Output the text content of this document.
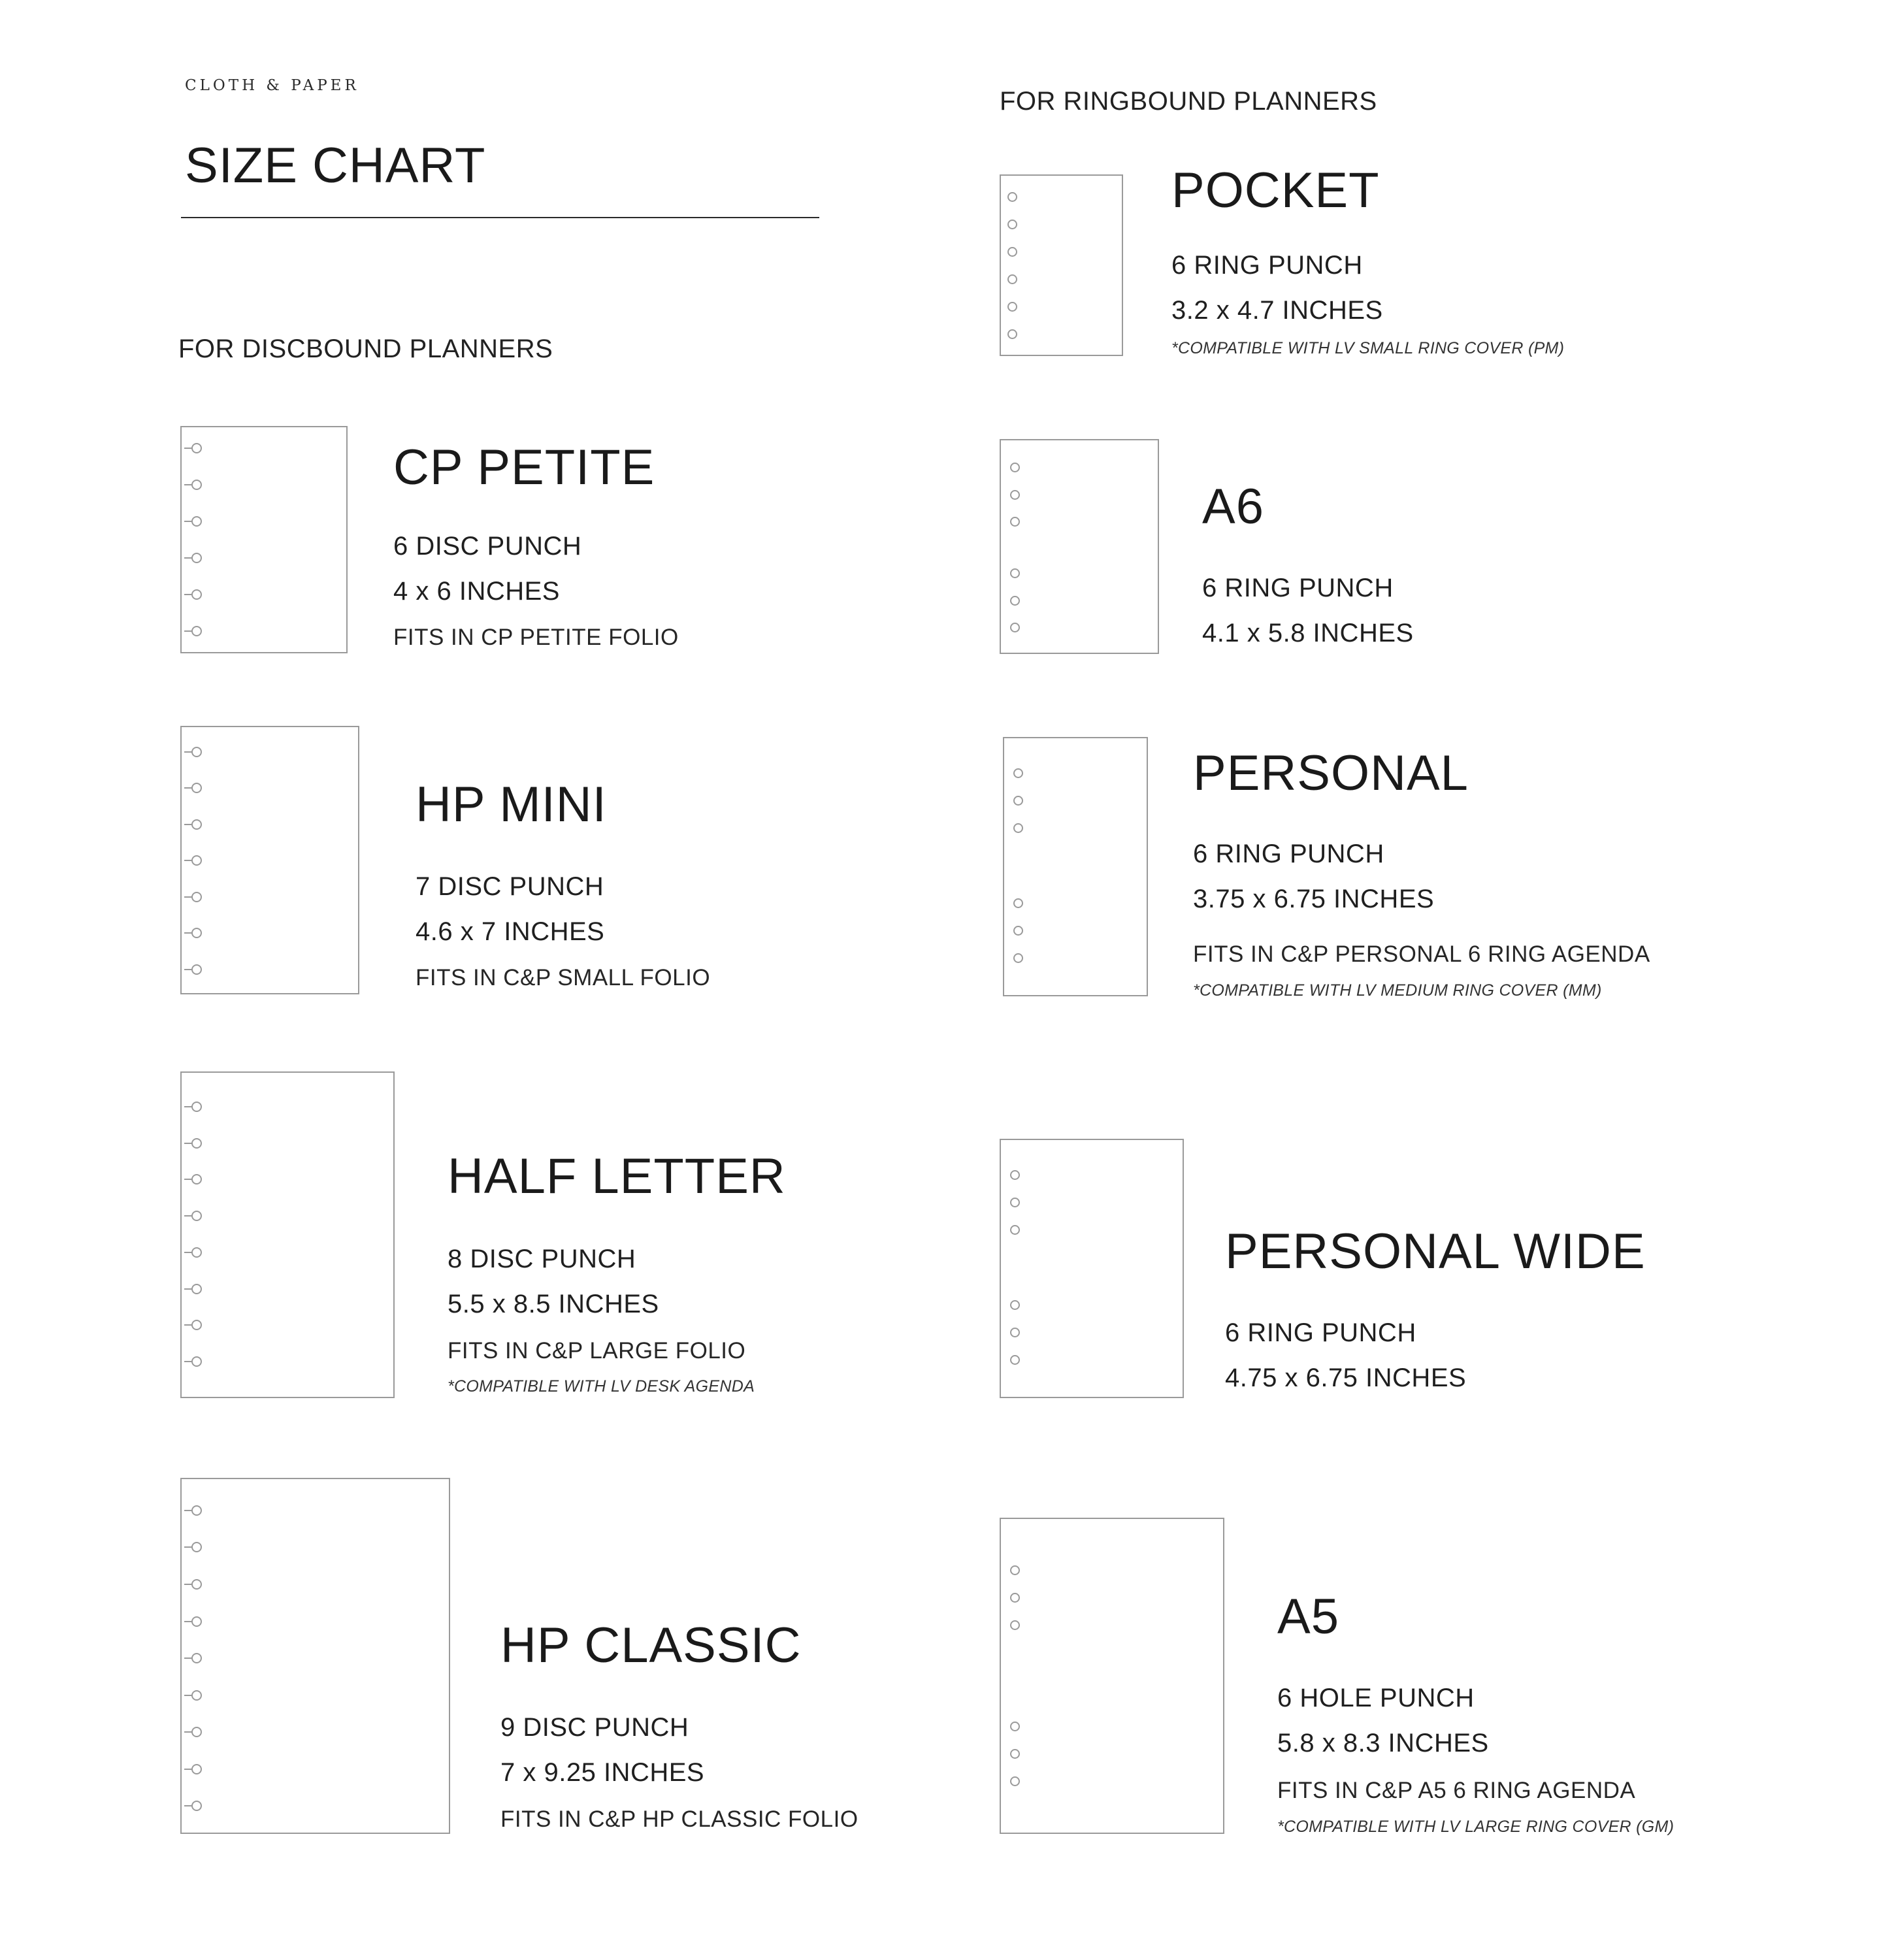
CLOTH & PAPER
SIZE CHART
FOR DISCBOUND PLANNERS
FOR RINGBOUND PLANNERS
CP PETITE
6 DISC PUNCH
4 x 6 INCHES
FITS IN CP PETITE FOLIO
HP MINI
7 DISC PUNCH
4.6 x 7 INCHES
FITS IN C&P SMALL FOLIO
HALF LETTER
8 DISC PUNCH
5.5 x 8.5 INCHES
FITS IN C&P LARGE FOLIO
*COMPATIBLE WITH LV DESK AGENDA
HP CLASSIC
9 DISC PUNCH
7 x 9.25 INCHES
FITS IN C&P HP CLASSIC FOLIO
POCKET
6 RING PUNCH
3.2 x 4.7 INCHES
*COMPATIBLE WITH LV SMALL RING COVER (PM)
A6
6 RING PUNCH
4.1 x 5.8 INCHES
PERSONAL
6 RING PUNCH
3.75 x 6.75 INCHES
FITS IN C&P PERSONAL 6 RING AGENDA
*COMPATIBLE WITH LV MEDIUM RING COVER (MM)
PERSONAL WIDE
6 RING PUNCH
4.75 x 6.75 INCHES
A5
6 HOLE PUNCH
5.8 x 8.3 INCHES
FITS IN C&P A5 6 RING AGENDA
*COMPATIBLE WITH LV LARGE RING COVER (GM)
